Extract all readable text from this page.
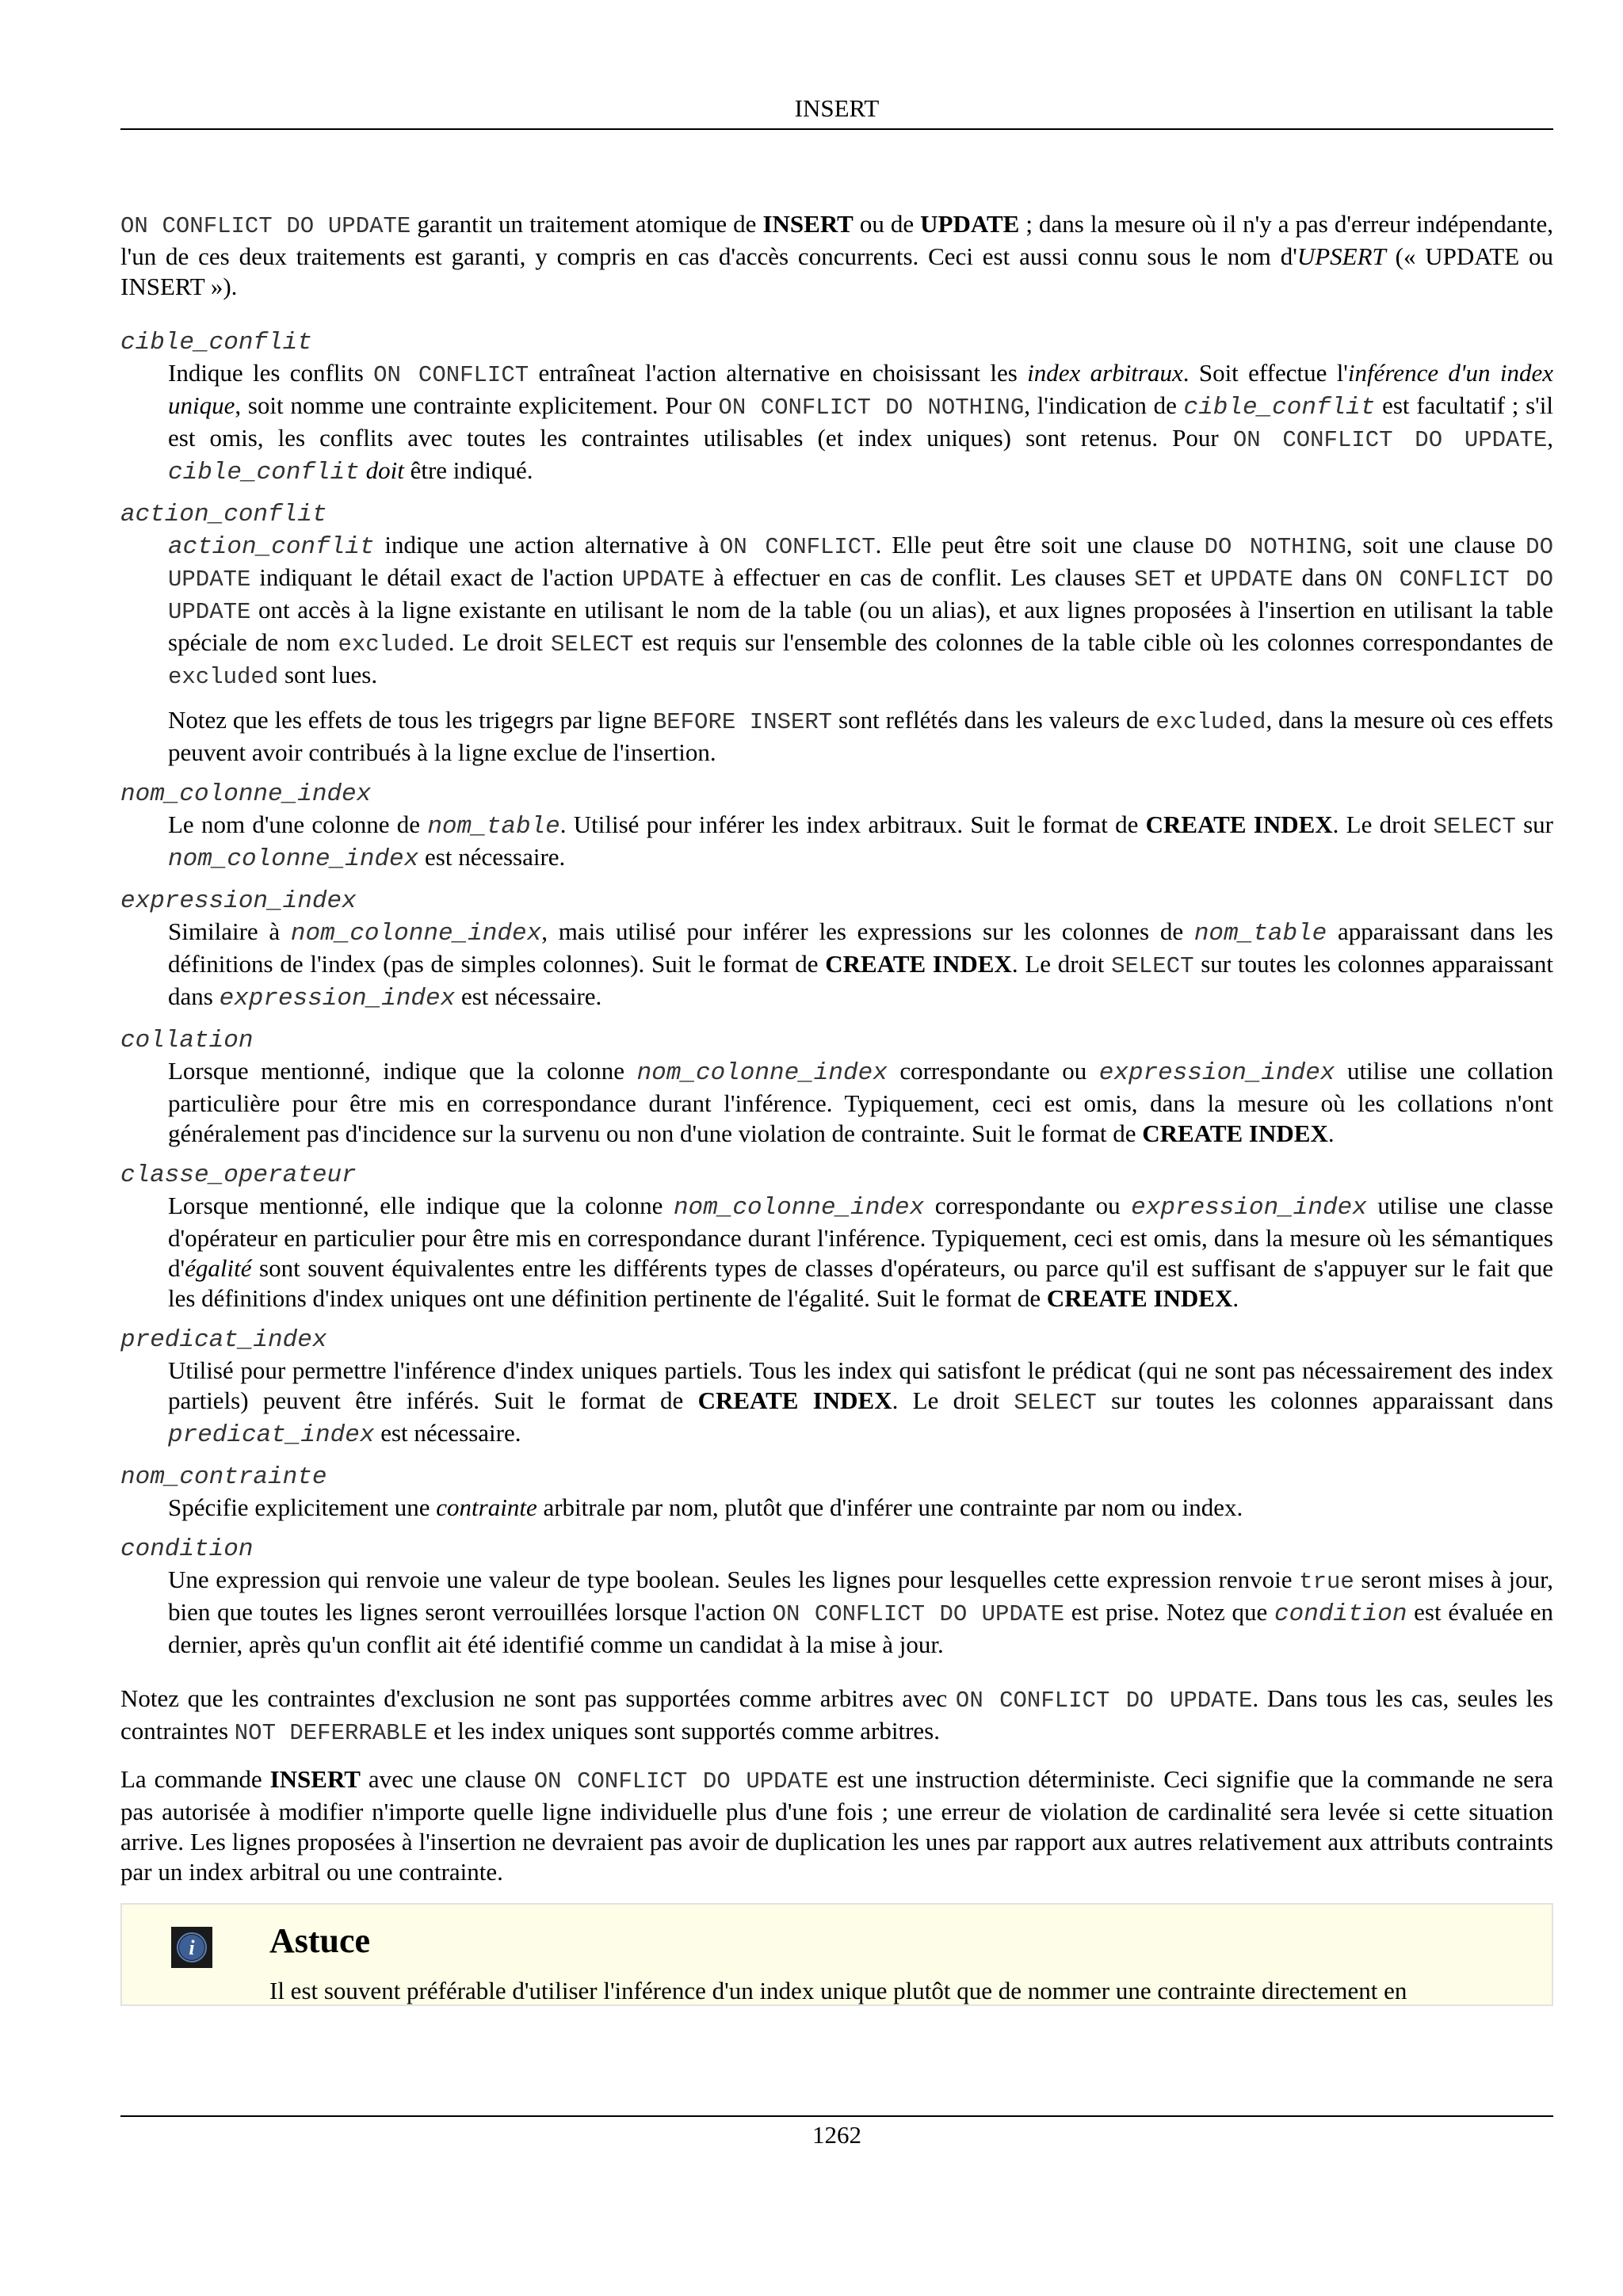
INSERT

ON CONFLICT DO UPDATE garantit un traitement atomique de INSERT ou de UPDATE ; dans la mesure où il n'y a pas d'erreur indépendante, l'un de ces deux traitements est garanti, y compris en cas d'accès concurrents. Ceci est aussi connu sous le nom d'UPSERT (« UPDATE ou INSERT »).

cible_conflit
Indique les conflits ON CONFLICT entraîneat l'action alternative en choisissant les index arbitraux. Soit effectue l'inférence d'un index unique, soit nomme une contrainte explicitement. Pour ON CONFLICT DO NOTHING, l'indication de cible_conflit est facultatif ; s'il est omis, les conflits avec toutes les contraintes utilisables (et index uniques) sont retenus. Pour ON CONFLICT DO UPDATE, cible_conflit doit être indiqué.
action_conflit

action_conflit indique une action alternative à ON CONFLICT. Elle peut être soit une clause DO NOTHING, soit une clause DO UPDATE indiquant le détail exact de l'action UPDATE à effectuer en cas de conflit. Les clauses SET et UPDATE dans ON CONFLICT DO UPDATE ont accès à la ligne existante en utilisant le nom de la table (ou un alias), et aux lignes proposées à l'insertion en utilisant la table spéciale de nom excluded. Le droit SELECT est requis sur l'ensemble des colonnes de la table cible où les colonnes correspondantes de excluded sont lues.

Notez que les effets de tous les trigegrs par ligne BEFORE INSERT sont reflétés dans les valeurs de excluded, dans la mesure où ces effets peuvent avoir contribués à la ligne exclue de l'insertion.

nom_colonne_index
Le nom d'une colonne de nom_table. Utilisé pour inférer les index arbitraux. Suit le format de CREATE INDEX. Le droit SELECT sur nom_colonne_index est nécessaire.
expression_index
Similaire à nom_colonne_index, mais utilisé pour inférer les expressions sur les colonnes de nom_table apparaissant dans les définitions de l'index (pas de simples colonnes). Suit le format de CREATE INDEX. Le droit SELECT sur toutes les colonnes apparaissant dans expression_index est nécessaire.
collation
Lorsque mentionné, indique que la colonne nom_colonne_index correspondante ou expression_index utilise une collation particulière pour être mis en correspondance durant l'inférence. Typiquement, ceci est omis, dans la mesure où les collations n'ont généralement pas d'incidence sur la survenu ou non d'une violation de contrainte. Suit le format de CREATE INDEX.
classe_operateur
Lorsque mentionné, elle indique que la colonne nom_colonne_index correspondante ou expression_index utilise une classe d'opérateur en particulier pour être mis en correspondance durant l'inférence. Typiquement, ceci est omis, dans la mesure où les sémantiques d'égalité sont souvent équivalentes entre les différents types de classes d'opérateurs, ou parce qu'il est suffisant de s'appuyer sur le fait que les définitions d'index uniques ont une définition pertinente de l'égalité. Suit le format de CREATE INDEX.
predicat_index
Utilisé pour permettre l'inférence d'index uniques partiels. Tous les index qui satisfont le prédicat (qui ne sont pas nécessairement des index partiels) peuvent être inférés. Suit le format de CREATE INDEX. Le droit SELECT sur toutes les colonnes apparaissant dans predicat_index est nécessaire.
nom_contrainte
Spécifie explicitement une contrainte arbitrale par nom, plutôt que d'inférer une contrainte par nom ou index.
condition
Une expression qui renvoie une valeur de type boolean. Seules les lignes pour lesquelles cette expression renvoie true seront mises à jour, bien que toutes les lignes seront verrouillées lorsque l'action ON CONFLICT DO UPDATE est prise. Notez que condition est évaluée en dernier, après qu'un conflit ait été identifié comme un candidat à la mise à jour.

Notez que les contraintes d'exclusion ne sont pas supportées comme arbitres avec ON CONFLICT DO UPDATE. Dans tous les cas, seules les contraintes NOT DEFERRABLE et les index uniques sont supportés comme arbitres.

La commande INSERT avec une clause ON CONFLICT DO UPDATE est une instruction déterministe. Ceci signifie que la commande ne sera pas autorisée à modifier n'importe quelle ligne individuelle plus d'une fois ; une erreur de violation de cardinalité sera levée si cette situation arrive. Les lignes proposées à l'insertion ne devraient pas avoir de duplication les unes par rapport aux autres relativement aux attributs contraints par un index arbitral ou une contrainte.

i Astuce
Il est souvent préférable d'utiliser l'inférence d'un index unique plutôt que de nommer une contrainte directement en
1262
